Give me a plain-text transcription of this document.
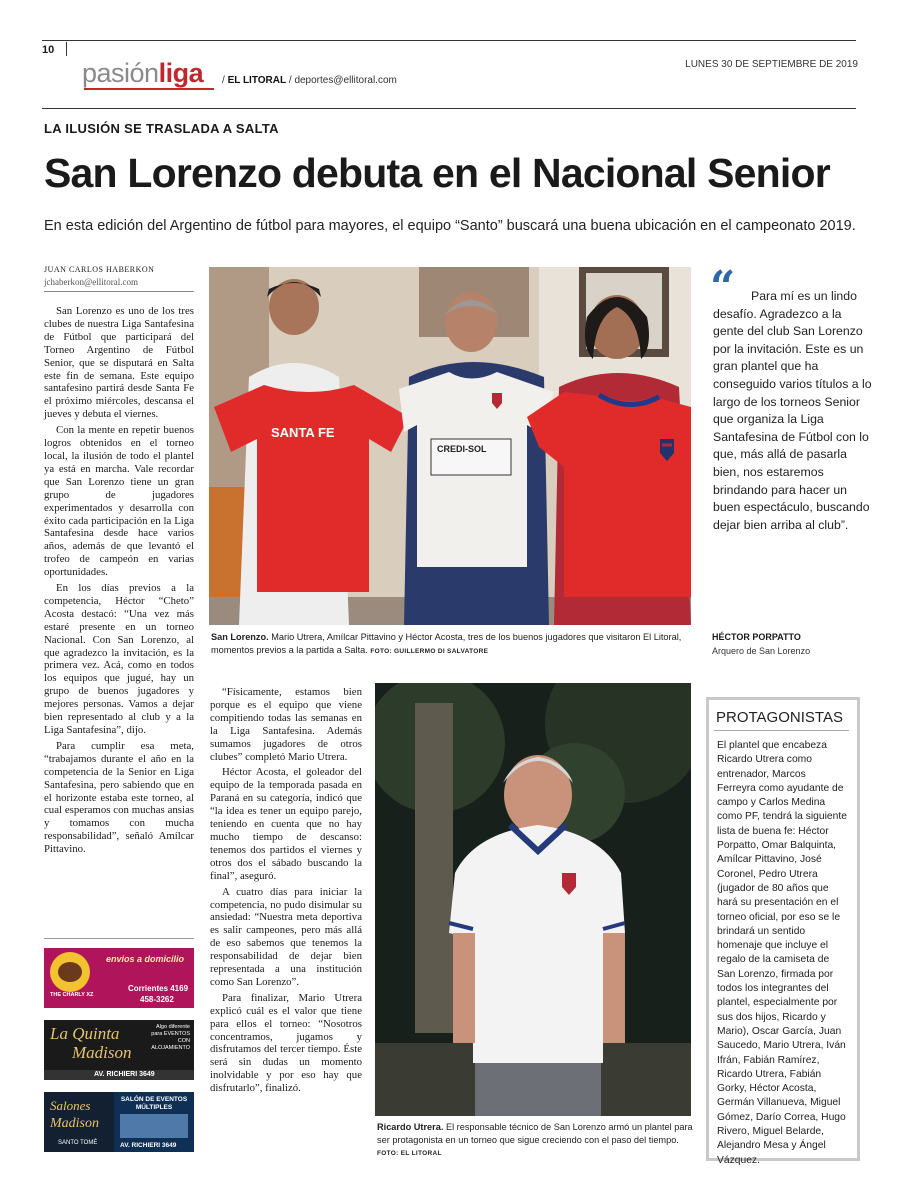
10
pasiónliga / EL LITORAL / deportes@ellitoral.com
LUNES 30 DE SEPTIEMBRE DE 2019
LA ILUSIÓN SE TRASLADA A SALTA
San Lorenzo debuta en el Nacional Senior
En esta edición del Argentino de fútbol para mayores, el equipo “Santo” buscará una buena ubicación en el campeonato 2019.
JUAN CARLOS HABERKON
jchaberkon@ellitoral.com

San Lorenzo es uno de los tres clubes de nuestra Liga Santafesina de Fútbol que participará del Torneo Argentino de Fútbol Senior, que se disputará en Salta este fin de semana. Este equipo santafesino partirá desde Santa Fe el próximo miércoles, descansa el jueves y debuta el viernes.

Con la mente en repetir buenos logros obtenidos en el torneo local, la ilusión de todo el plantel ya está en marcha. Vale recordar que San Lorenzo tiene un gran grupo de jugadores experimentados y desarrolla con éxito cada participación en la Liga Santafesina desde hace varios años, además de que levantó el trofeo de campeón en varias oportunidades.

En los días previos a la competencia, Héctor “Cheto” Acosta destacó: “Una vez más estaré presente en un torneo Nacional. Con San Lorenzo, al que agradezco la invitación, es la primera vez. Acá, como en todos los equipos que jugué, hay un grupo de buenos jugadores y mejores personas. Vamos a dejar bien representado al club y a la Liga Santafesina”, dijo.

Para cumplir esa meta, “trabajamos durante el año en la competencia de la Senior en Liga Santafesina, pero sabiendo que en el horizonte estaba este torneo, al cual esperamos con muchas ansias y tomamos con mucha responsabilidad”, señaló Amílcar Pittavino.

“Físicamente, estamos bien porque es el equipo que viene compitiendo todas las semanas en la Liga Santafesina. Además sumamos jugadores de otros clubes” completó Mario Utrera.

Héctor Acosta, el goleador del equipo de la temporada pasada en Paraná en su categoría, indicó que “la idea es tener un equipo parejo, teniendo en cuenta que no hay mucho tiempo de descanso: tenemos dos partidos el viernes y otros dos el sábado buscando la final”, aseguró.

A cuatro días para iniciar la competencia, no pudo disimular su ansiedad: “Nuestra meta deportiva es salir campeones, pero más allá de eso sabemos que tenemos la responsabilidad de dejar bien representada a una institución como San Lorenzo”.

Para finalizar, Mario Utrera explicó cuál es el valor que tiene para ellos el torneo: “Nosotros concentramos, jugamos y disfrutamos del tercer tiempo. Éste será sin dudas un momento inolvidable y por eso hay que disfrutarlo”, finalizó.

SANTA FE
CREDI-SOL
San Lorenzo. Mario Utrera, Amílcar Pittavino y Héctor Acosta, tres de los buenos jugadores que visitaron El Litoral, momentos previos a la partida a Salta. FOTO: GUILLERMO DI SALVATORE
“	Para mí es un lindo desafío. Agradezco a la gente del club San Lorenzo por la invitación. Este es un gran plantel que ha conseguido varios títulos a lo largo de los torneos Senior que organiza la Liga Santafesina de Fútbol con lo que, más allá de pasarla bien, nos estaremos brindando para hacer un buen espectáculo, buscando dejar bien arriba al club”.
HÉCTOR PORPATTO
Arquero de San Lorenzo
Ricardo Utrera. El responsable técnico de San Lorenzo armó un plantel para ser protagonista en un torneo que sigue creciendo con el paso del tiempo. FOTO: EL LITORAL
PROTAGONISTAS
El plantel que encabeza Ricardo Utrera como entrenador, Marcos Ferreyra como ayudante de campo y Carlos Medina como PF, tendrá la siguiente lista de buena fe: Héctor Porpatto, Omar Balquinta, Amílcar Pittavino, José Coronel, Pedro Utrera (jugador de 80 años que hará su presentación en el torneo oficial, por eso se le brindará un sentido homenaje que incluye el regalo de la camiseta de San Lorenzo, firmada por todos los integrantes del plantel, especialmente por sus dos hijos, Ricardo y Mario), Oscar García, Juan Saucedo, Mario Utrera, Iván Ifrán, Fabián Ramírez, Ricardo Utrera, Fabián Gorky, Héctor Acosta, Germán Villanueva, Miguel Gómez, Darío Correa, Hugo Rivero, Miguel Belarde, Alejandro Mesa y Ángel Vázquez.
THE CHARLY XZ
envios a domicilio
Corrientes 4169
458-3262
La Quinta
Madison
Algo diferente para EVENTOS CON ALOJAMIENTO
AV. RICHIERI 3649
Salones
Madison
SANTO TOMÉ
SALÓN DE EVENTOS MÚLTIPLES
AV. RICHIERI 3649
